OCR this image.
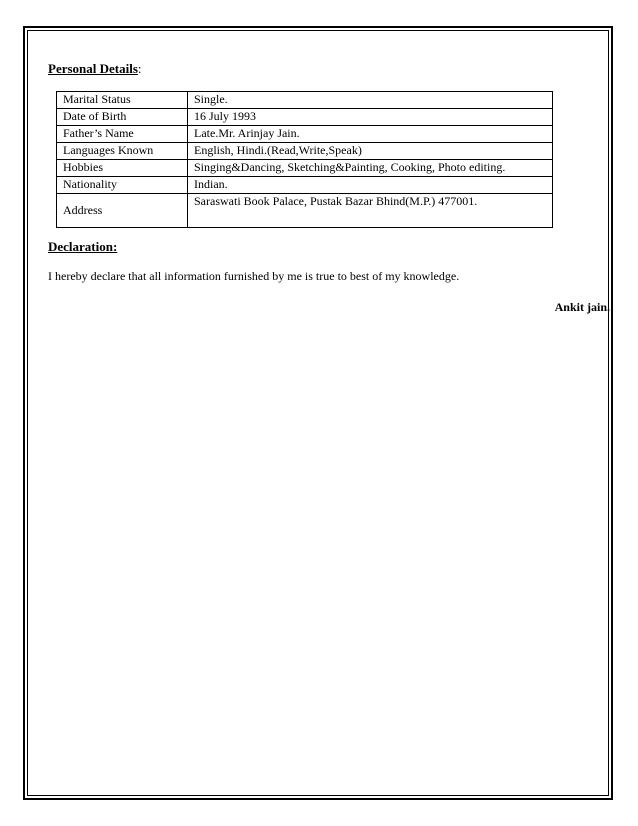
Personal Details:
Marital Status	Single.
Date of Birth	16 July 1993
Father’s Name	Late.Mr. Arinjay Jain.
Languages Known	English, Hindi.(Read,Write,Speak)
Hobbies	Singing&Dancing, Sketching&Painting, Cooking, Photo editing.
Nationality	Indian.
Address	Saraswati Book Palace, Pustak Bazar Bhind(M.P.) 477001.
Declaration:
I hereby declare that all information furnished by me is true to best of my knowledge.
Ankit jain.
